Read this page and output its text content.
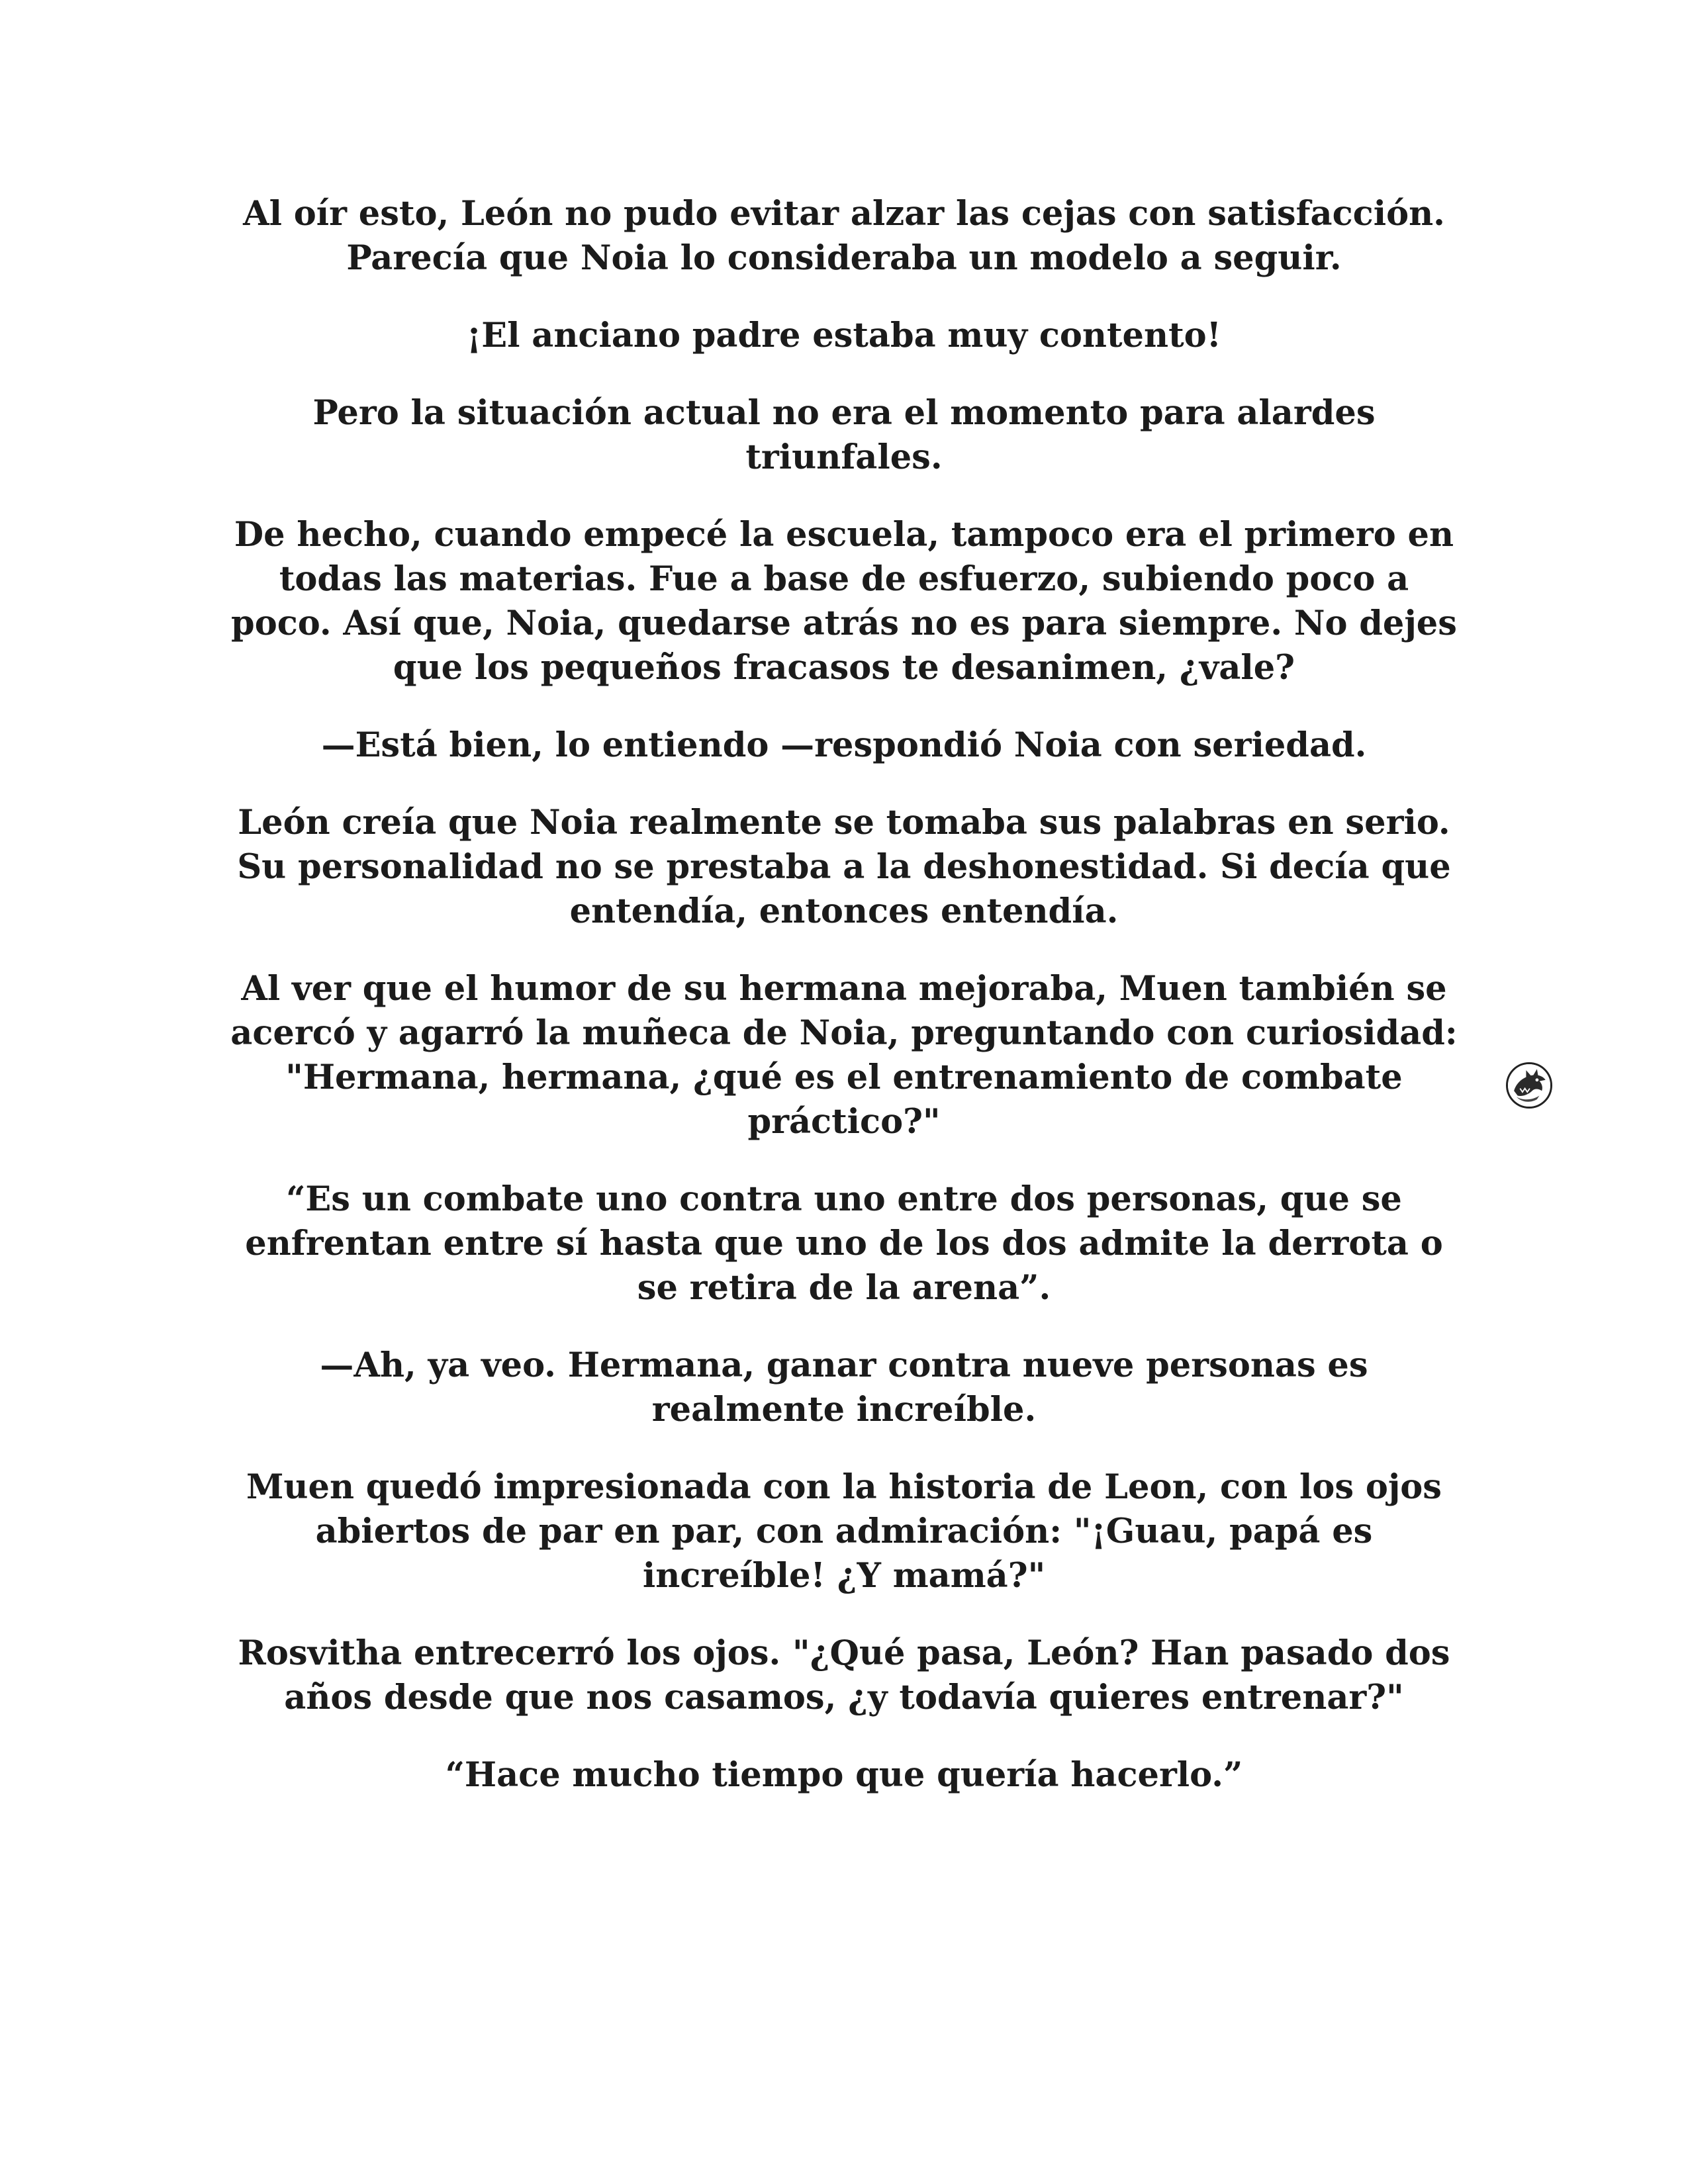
Al oír esto, León no pudo evitar alzar las cejas con satisfacción. Parecía que Noia lo consideraba un modelo a seguir.

¡El anciano padre estaba muy contento!

Pero la situación actual no era el momento para alardes triunfales.

De hecho, cuando empecé la escuela, tampoco era el primero en todas las materias. Fue a base de esfuerzo, subiendo poco a poco. Así que, Noia, quedarse atrás no es para siempre. No dejes que los pequeños fracasos te desanimen, ¿vale?

—Está bien, lo entiendo —respondió Noia con seriedad.

León creía que Noia realmente se tomaba sus palabras en serio. Su personalidad no se prestaba a la deshonestidad. Si decía que entendía, entonces entendía.

Al ver que el humor de su hermana mejoraba, Muen también se acercó y agarró la muñeca de Noia, preguntando con curiosidad: "Hermana, hermana, ¿qué es el entrenamiento de combate práctico?"

“Es un combate uno contra uno entre dos personas, que se enfrentan entre sí hasta que uno de los dos admite la derrota o se retira de la arena”.

—Ah, ya veo. Hermana, ganar contra nueve personas es realmente increíble.

Muen quedó impresionada con la historia de Leon, con los ojos abiertos de par en par, con admiración: "¡Guau, papá es increíble! ¿Y mamá?"

Rosvitha entrecerró los ojos. "¿Qué pasa, León? Han pasado dos años desde que nos casamos, ¿y todavía quieres entrenar?"

“Hace mucho tiempo que quería hacerlo.”
